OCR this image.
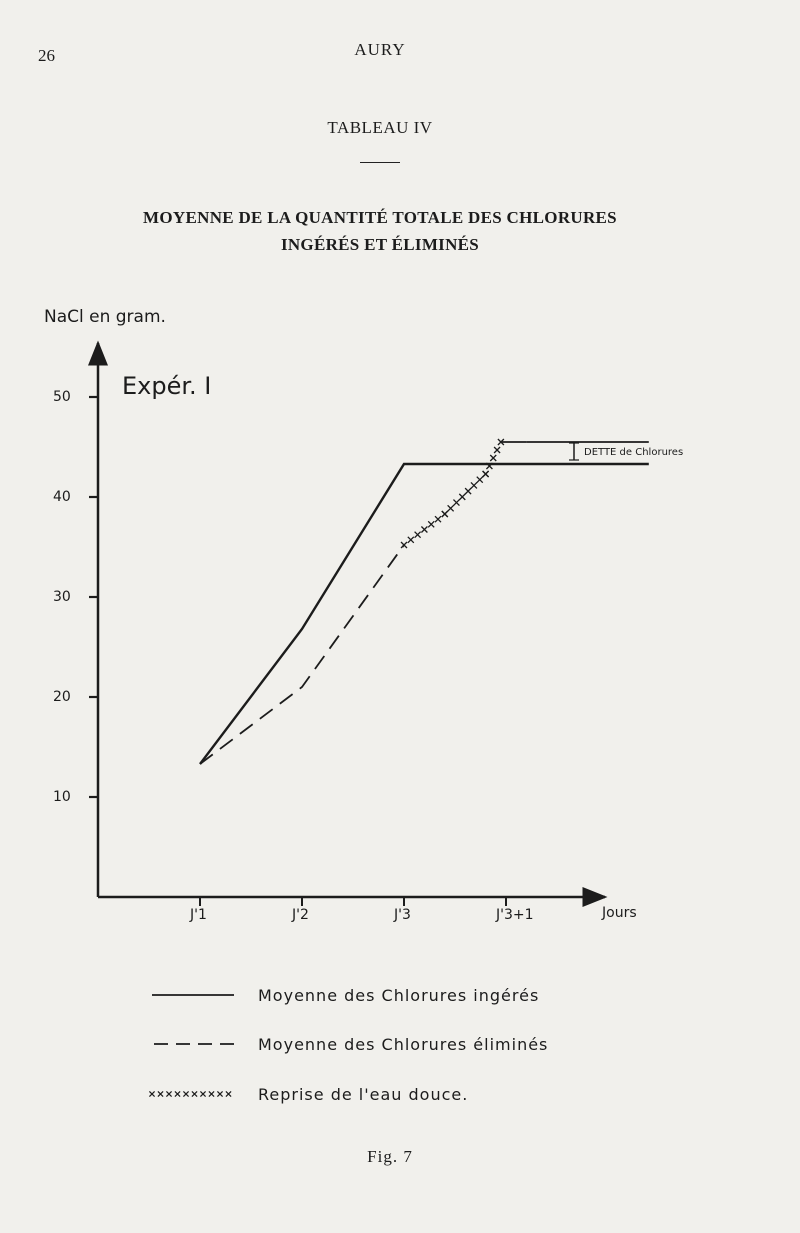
26	AURY
TABLEAU IV
MOYENNE DE LA QUANTITÉ TOTALE DES CHLORURES
INGÉRÉS ET ÉLIMINÉS
NaCl en gram.
Expér. I
Jours
10
20
30
40
50
J'1	J'2	J'3	J'3+1
DETTE de Chlorures
Moyenne des Chlorures ingérés
Moyenne des Chlorures éliminés
Reprise de l'eau douce.
Fig. 7
